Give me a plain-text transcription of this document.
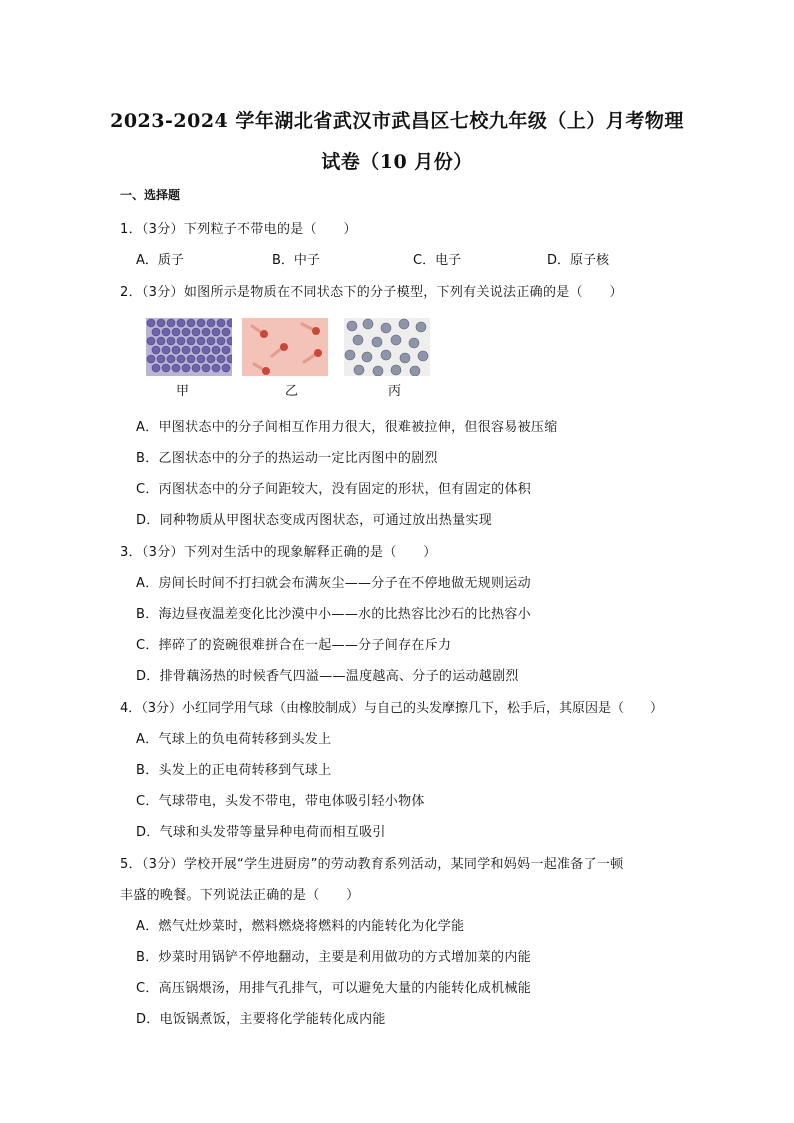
2023-2024 学年湖北省武汉市武昌区七校九年级（上）月考物理
试卷（10 月份）
一、选择题
1．（3分）下列粒子不带电的是（　　）
A．质子	B．中子	C．电子	D．原子核
2．（3分）如图所示是物质在不同状态下的分子模型，下列有关说法正确的是（　　）
甲	乙	丙
A．甲图状态中的分子间相互作用力很大，很难被拉伸，但很容易被压缩
B．乙图状态中的分子的热运动一定比丙图中的剧烈
C．丙图状态中的分子间距较大，没有固定的形状，但有固定的体积
D．同种物质从甲图状态变成丙图状态，可通过放出热量实现
3．（3分）下列对生活中的现象解释正确的是（　　）
A．房间长时间不打扫就会布满灰尘——分子在不停地做无规则运动
B．海边昼夜温差变化比沙漠中小——水的比热容比沙石的比热容小
C．摔碎了的瓷碗很难拼合在一起——分子间存在斥力
D．排骨藕汤热的时候香气四溢——温度越高、分子的运动越剧烈
4．（3分）小红同学用气球（由橡胶制成）与自己的头发摩擦几下，松手后，其原因是（　　）
A．气球上的负电荷转移到头发上
B．头发上的正电荷转移到气球上
C．气球带电，头发不带电，带电体吸引轻小物体
D．气球和头发带等量异种电荷而相互吸引
5．（3分）学校开展“学生进厨房”的劳动教育系列活动，某同学和妈妈一起准备了一顿
丰盛的晚餐。下列说法正确的是（　　）
A．燃气灶炒菜时，燃料燃烧将燃料的内能转化为化学能
B．炒菜时用锅铲不停地翻动，主要是利用做功的方式增加菜的内能
C．高压锅煨汤，用排气孔排气，可以避免大量的内能转化成机械能
D．电饭锅煮饭，主要将化学能转化成内能
